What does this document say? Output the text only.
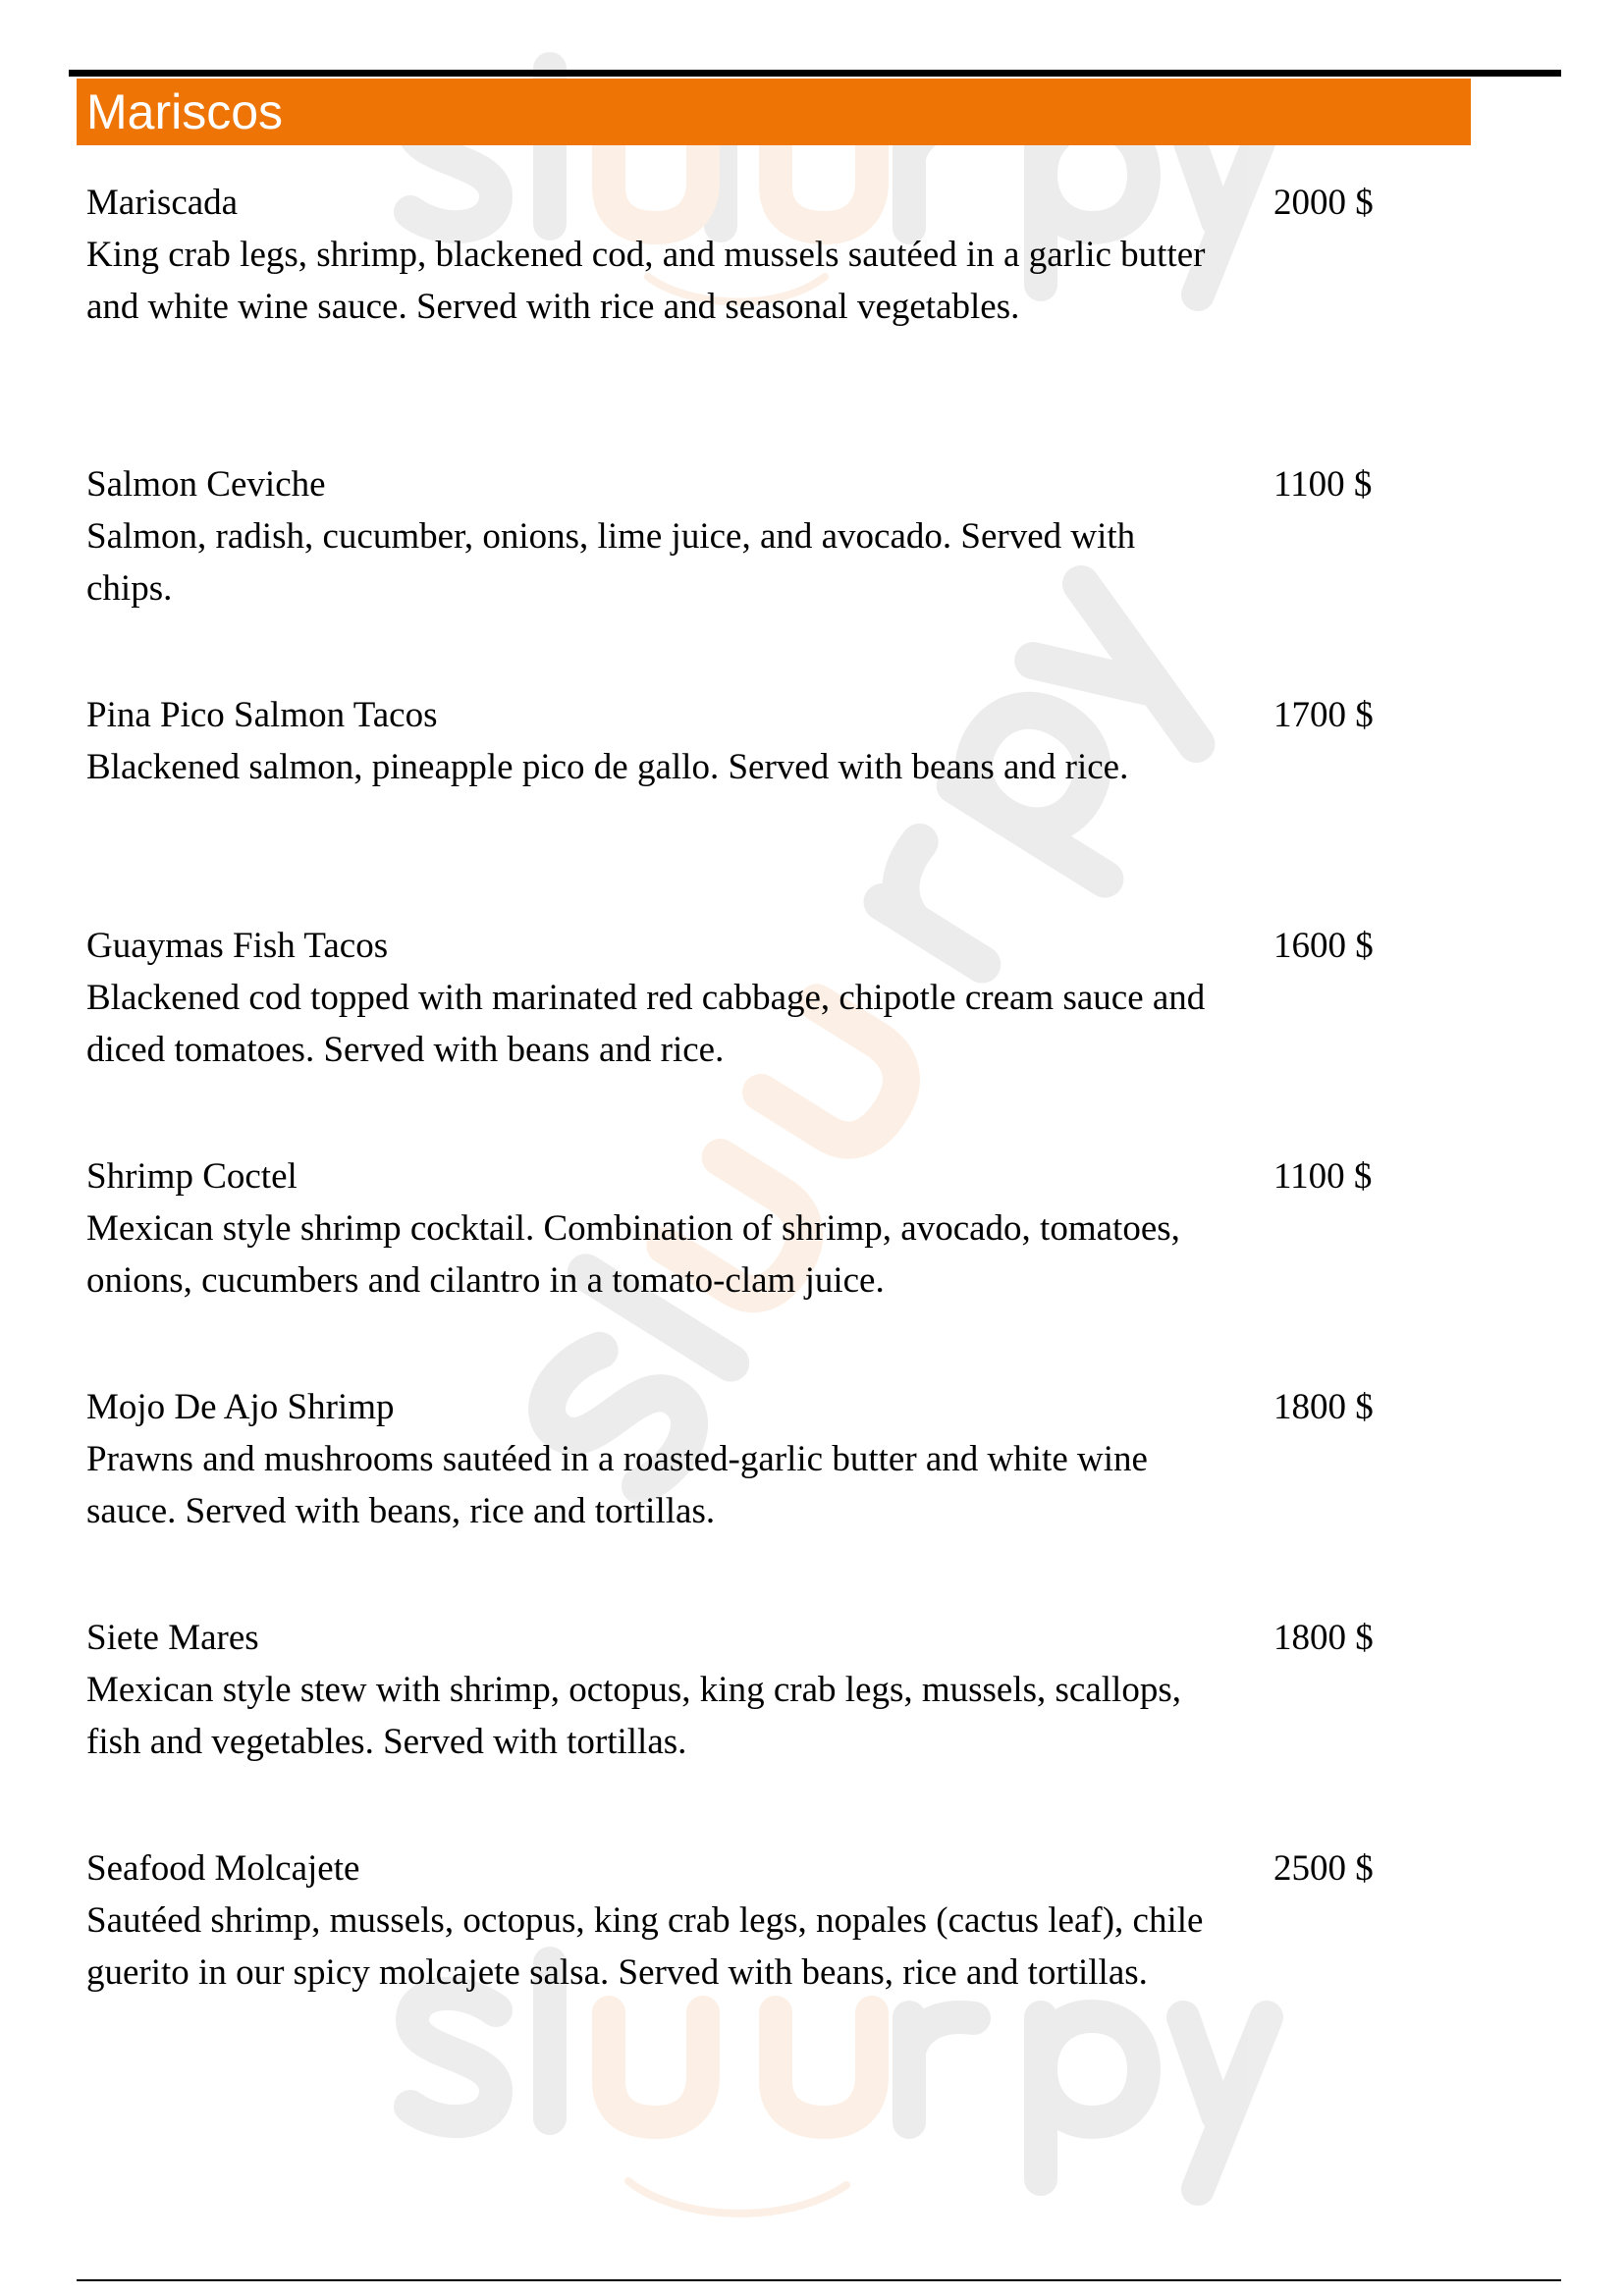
Mariscos
Mariscada	2000 $

King crab legs, shrimp, blackened cod, and mussels sautéed in a garlic butter and white wine sauce. Served with rice and seasonal vegetables.

Salmon Ceviche	1100 $

Salmon, radish, cucumber, onions, lime juice, and avocado. Served with chips.

Pina Pico Salmon Tacos	1700 $

Blackened salmon, pineapple pico de gallo. Served with beans and rice.

Guaymas Fish Tacos	1600 $

Blackened cod topped with marinated red cabbage, chipotle cream sauce and diced tomatoes. Served with beans and rice.

Shrimp Coctel	1100 $

Mexican style shrimp cocktail. Combination of shrimp, avocado, tomatoes, onions, cucumbers and cilantro in a tomato-clam juice.

Mojo De Ajo Shrimp	1800 $

Prawns and mushrooms sautéed in a roasted-garlic butter and white wine sauce. Served with beans, rice and tortillas.

Siete Mares	1800 $

Mexican style stew with shrimp, octopus, king crab legs, mussels, scallops, fish and vegetables. Served with tortillas.

Seafood Molcajete	2500 $

Sautéed shrimp, mussels, octopus, king crab legs, nopales (cactus leaf), chile guerito in our spicy molcajete salsa. Served with beans, rice and tortillas.
